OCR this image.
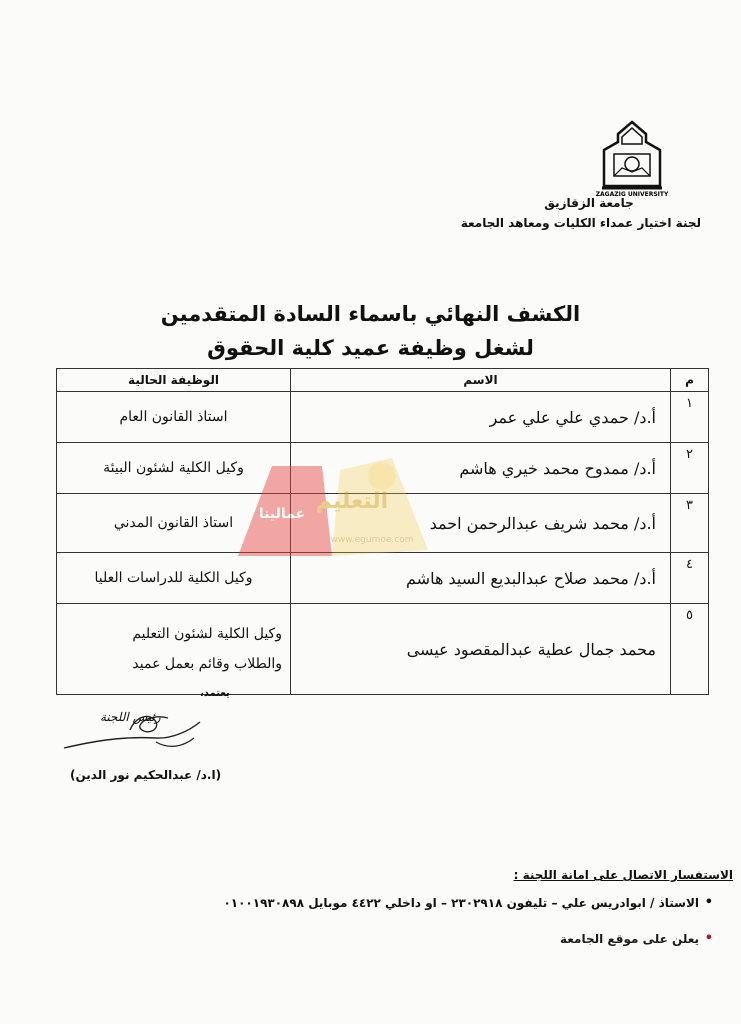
ZAGAZIG UNIVERSITY
جامعة الزقازيق
لجنة اختيار عمداء الكليات ومعاهد الجامعة
الكشف النهائي باسماء السادة المتقدمين
لشغل وظيفة عميد كلية الحقوق
م	الاسم	الوظيفة الحالية
١	أ.د/ حمدي علي علي عمر	استاذ القانون العام
٢	أ.د/ ممدوح محمد خيري هاشم	وكيل الكلية لشئون البيئة
٣	أ.د/ محمد شريف عبدالرحمن احمد	استاذ القانون المدني
٤	أ.د/ محمد صلاح عبدالبديع السيد هاشم	وكيل الكلية للدراسات العليا
٥	محمد جمال عطية عبدالمقصود عيسى	وكيل الكلية لشئون التعليم
والطلاب وقائم بعمل عميد
التعليم
عمالينا
www.egumoe.com
يعتمد،
رئيس اللجنة
(ا.د/ عبدالحكيم نور الدين)
الاستفسار الاتصال على امانة اللجنة :
• الاستاذ / ابوادريس علي – تليفون ٢٣٠٢٩١٨ – او داخلي ٤٤٢٢ موبايل ٠١٠٠١٩٣٠٨٩٨
• يعلن على موقع الجامعة
